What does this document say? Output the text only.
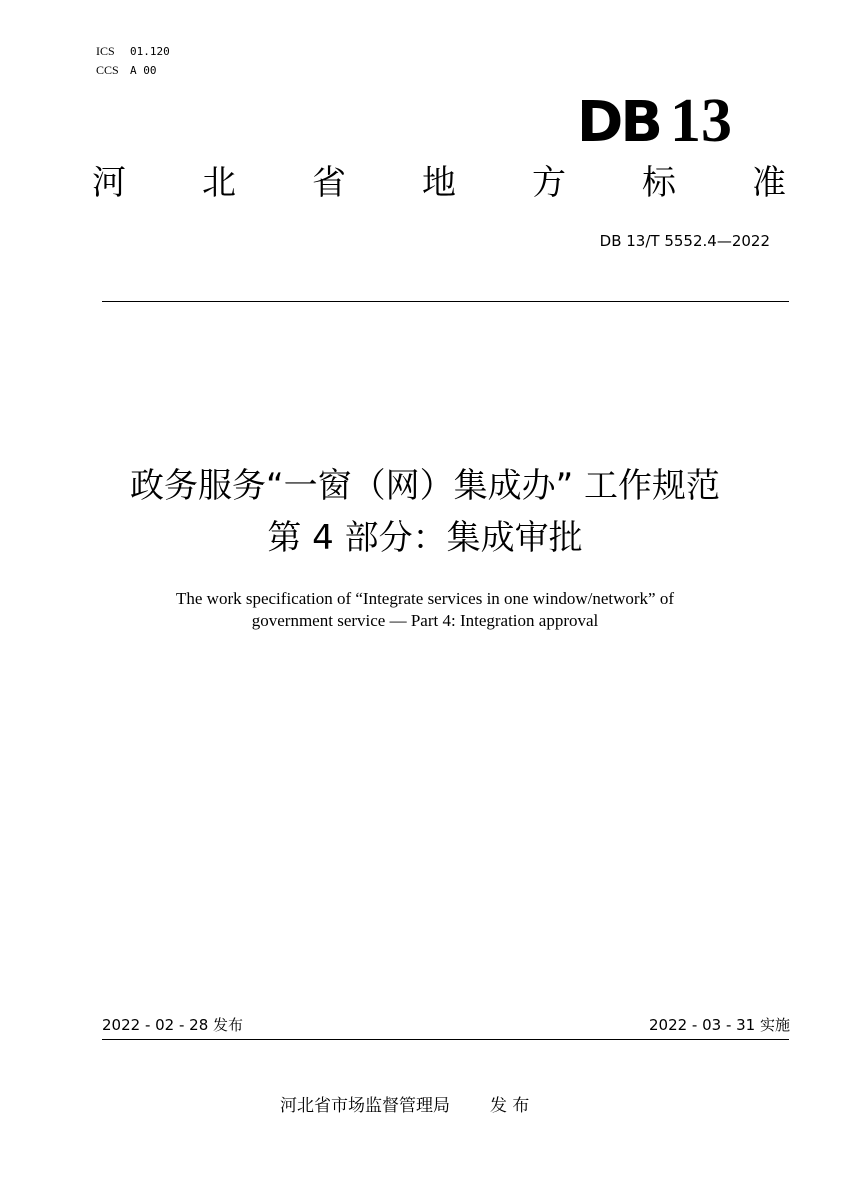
ICS 01.120
CCS A 00
DB 13
河 北 省 地 方 标 准
DB 13/T 5552.4—2022
政务服务“一窗（网）集成办” 工作规范
第 4 部分：集成审批
The work specification of “Integrate services in one window/network” of
government service — Part 4: Integration approval
2022 - 02 - 28 发布	2022 - 03 - 31 实施
河北省市场监督管理局 发 布
